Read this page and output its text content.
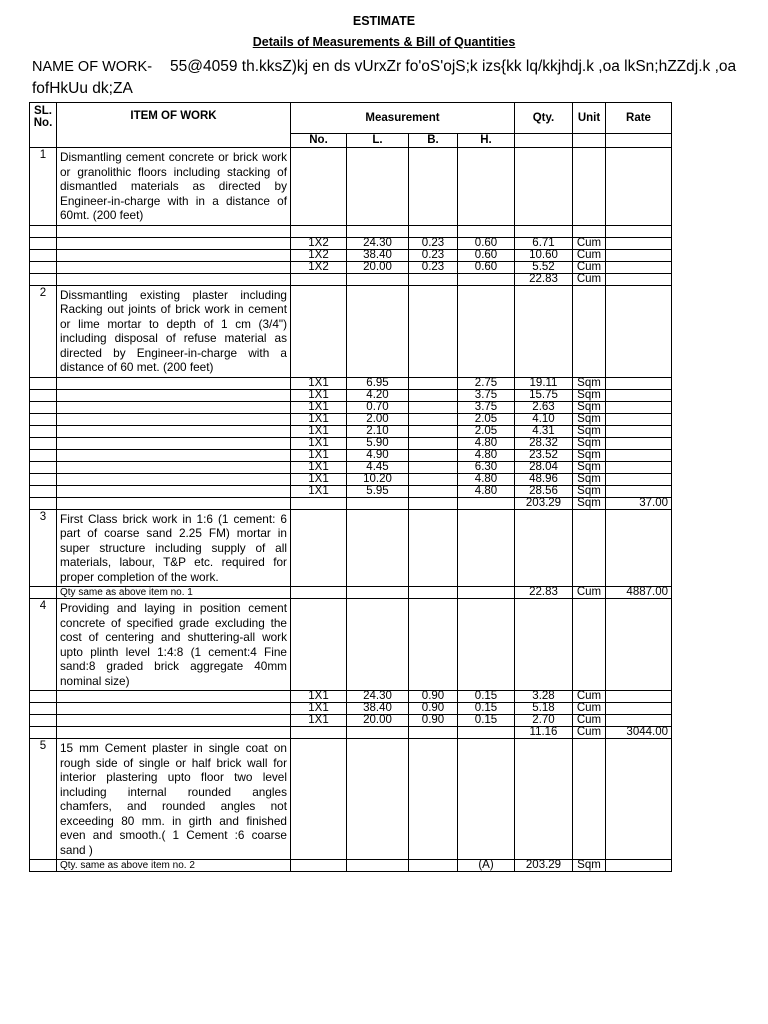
ESTIMATE
Details of Measurements & Bill of Quantities
NAME OF WORK- 55@4059 th.kksZ)kj en ds vUrxZr fo'oS'ojS;k izs{kk lq/kkjhdj.k ,oa lkSn;hZZdj.k ,oa fofHkUu dk;ZA
SL. No.	ITEM OF WORK	Measurement				Qty.	Unit	Rate
		No.	L.	B.	H.			
1	Dismantling cement concrete or brick work or granolithic floors including stacking of dismantled materials as directed by Engineer-in-charge with in a distance of 60mt. (200 feet)							

		1X2	24.30	0.23	0.60	6.71	Cum	
		1X2	38.40	0.23	0.60	10.60	Cum	
		1X2	20.00	0.23	0.60	5.52	Cum	
						22.83	Cum	
2	Dissmantling existing plaster including Racking out joints of brick work in cement or lime mortar to depth of 1 cm (3/4") including disposal of refuse material as directed by Engineer-in-charge with a distance of 60 met. (200 feet)							
		1X1	6.95		2.75	19.11	Sqm	
		1X1	4.20		3.75	15.75	Sqm	
		1X1	0.70		3.75	2.63	Sqm	
		1X1	2.00		2.05	4.10	Sqm	
		1X1	2.10		2.05	4.31	Sqm	
		1X1	5.90		4.80	28.32	Sqm	
		1X1	4.90		4.80	23.52	Sqm	
		1X1	4.45		6.30	28.04	Sqm	
		1X1	10.20		4.80	48.96	Sqm	
		1X1	5.95		4.80	28.56	Sqm	
						203.29	Sqm	37.00
3	First Class brick work in 1:6 (1 cement: 6 part of coarse sand 2.25 FM) mortar in super structure including supply of all materials, labour, T&P etc. required for proper completion of the work.							
	Qty same as above item no. 1					22.83	Cum	4887.00
4	Providing and laying in position cement concrete of specified grade excluding the cost of centering and shuttering-all work upto plinth level 1:4:8 (1 cement:4 Fine sand:8 graded brick aggregate 40mm nominal size)							
		1X1	24.30	0.90	0.15	3.28	Cum	
		1X1	38.40	0.90	0.15	5.18	Cum	
		1X1	20.00	0.90	0.15	2.70	Cum	
						11.16	Cum	3044.00
5	15 mm Cement plaster in single coat on rough side of single or half brick wall for interior plastering upto floor two level including internal rounded angles chamfers, and rounded angles not exceeding 80 mm. in girth and finished even and smooth.( 1 Cement :6 coarse sand )							
	Qty. same as above item no. 2				(A)	203.29	Sqm	
